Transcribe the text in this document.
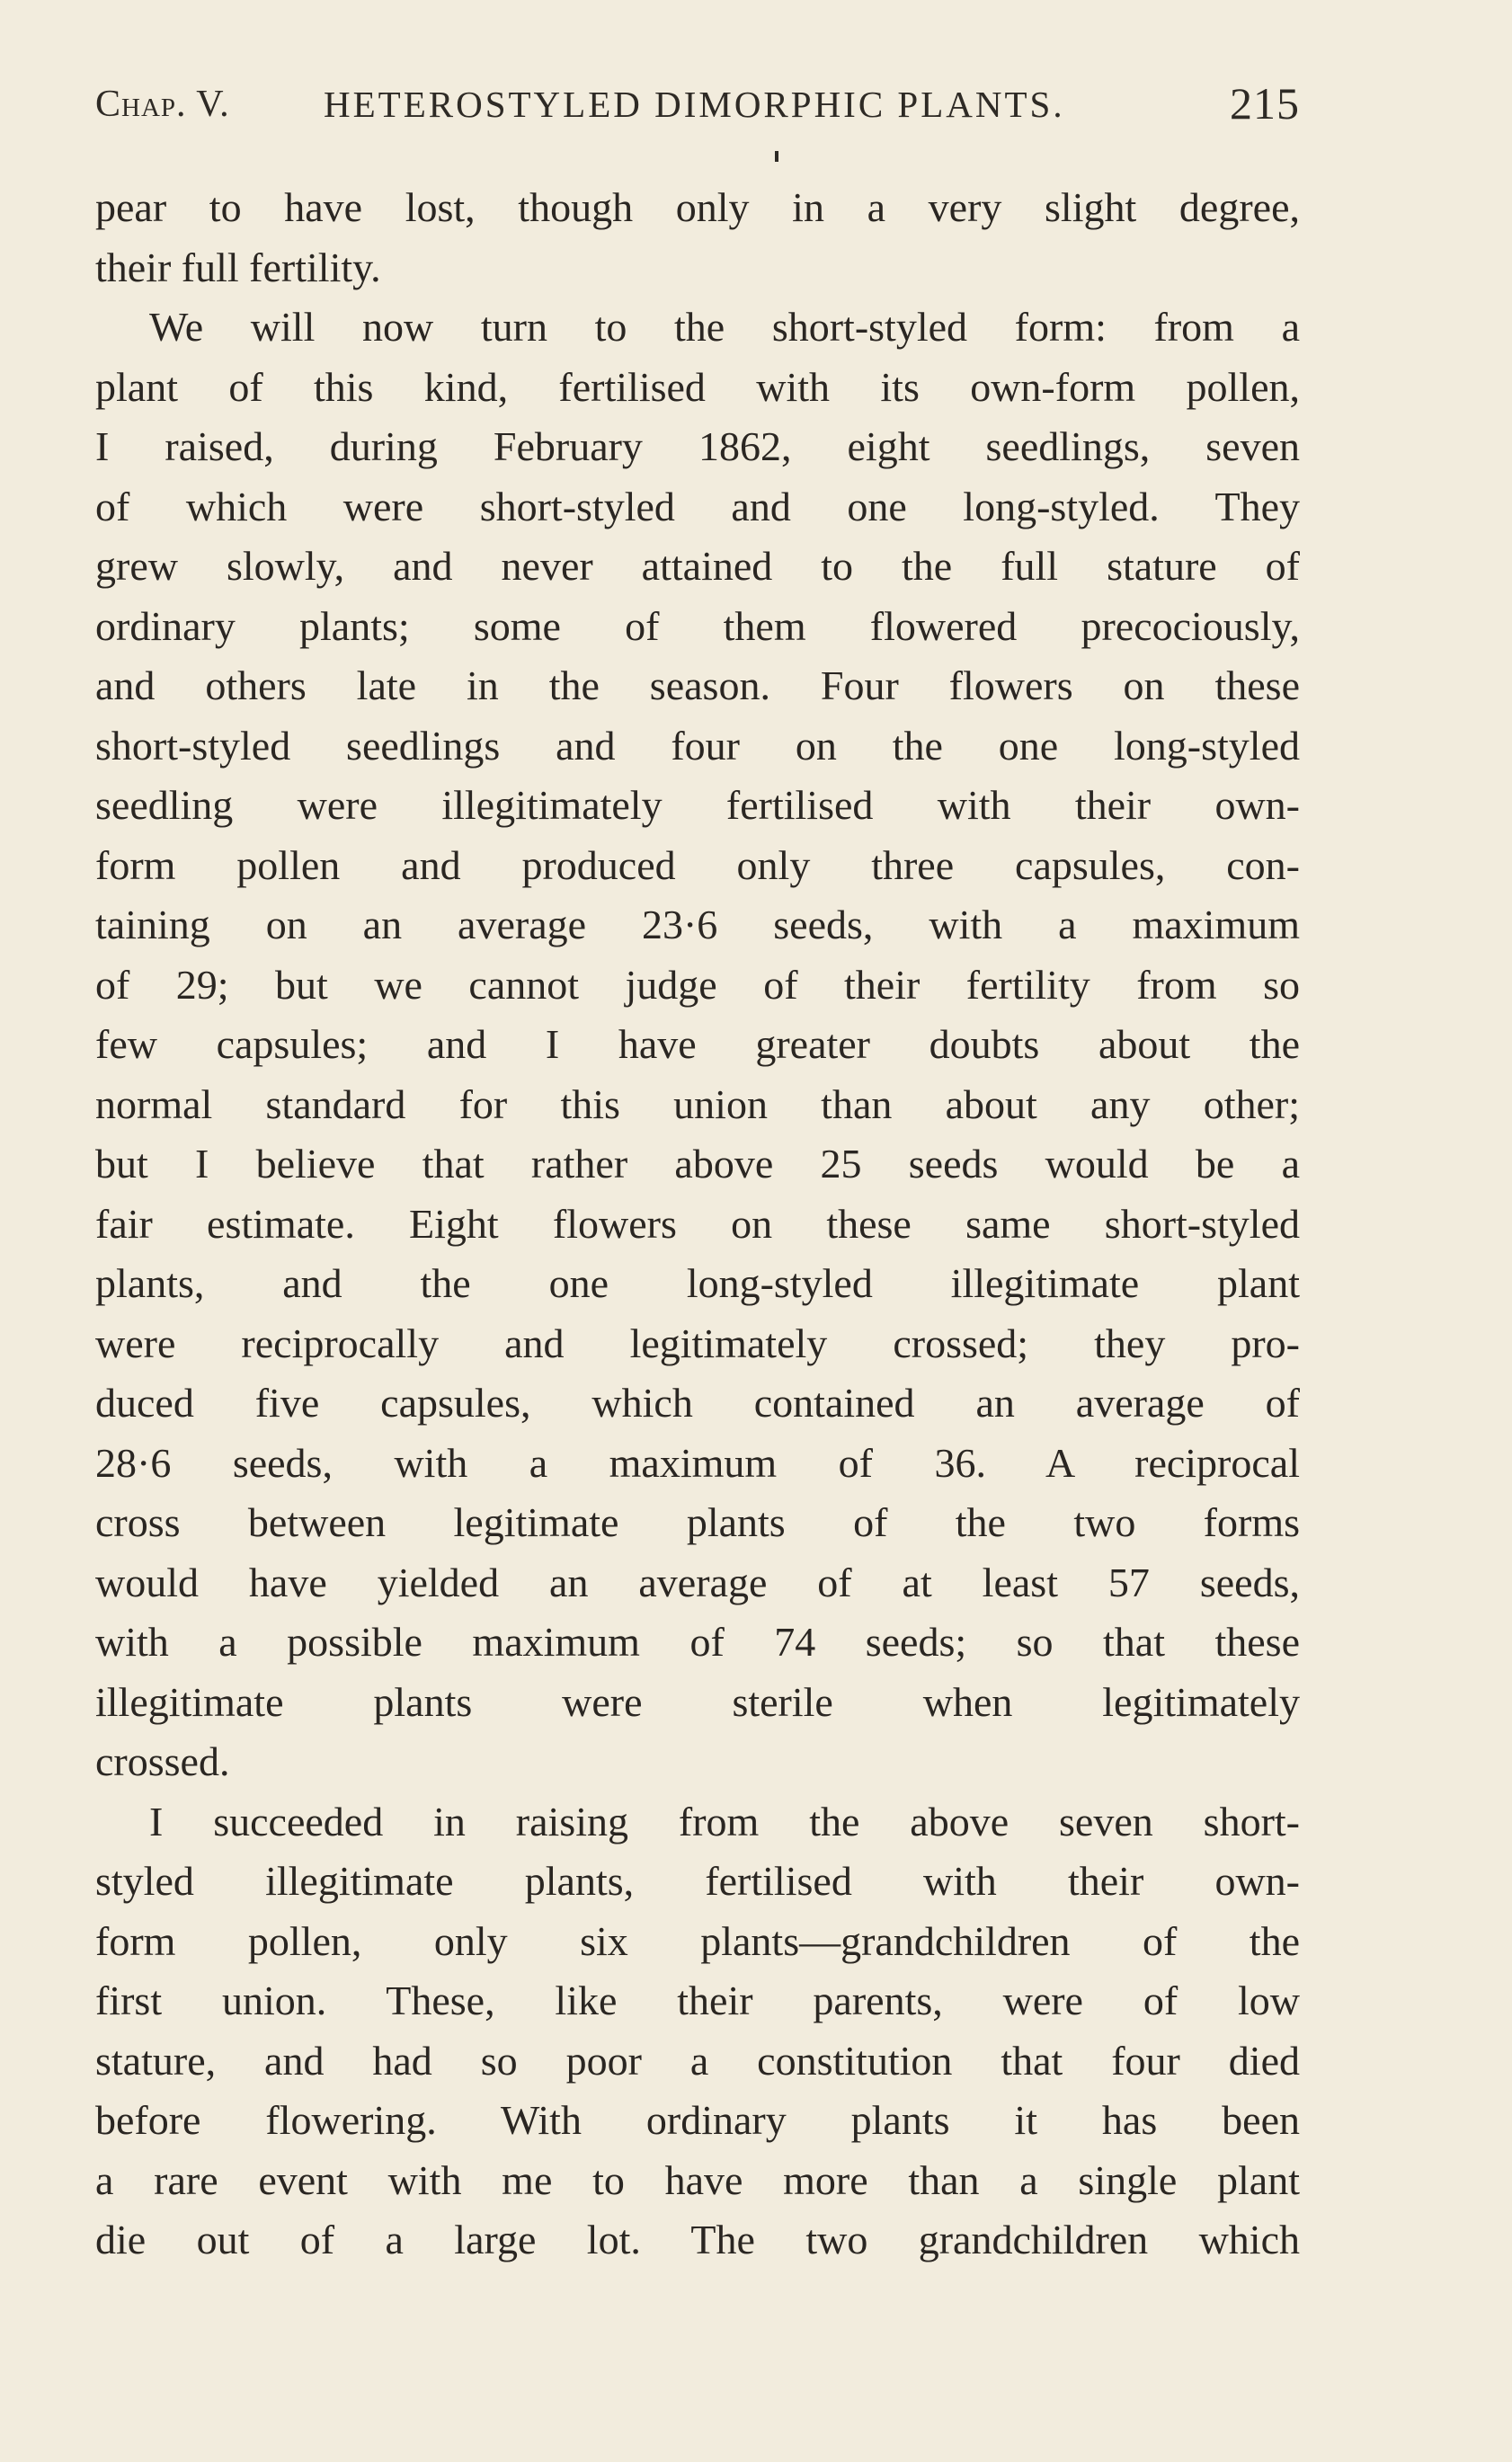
Chap. V.	HETEROSTYLED DIMORPHIC PLANTS.	215
pear to have lost, though only in a very slight degree,
their full fertility.
We will now turn to the short-styled form: from a
plant of this kind, fertilised with its own-form pollen,
I raised, during February 1862, eight seedlings, seven
of which were short-styled and one long-styled. They
grew slowly, and never attained to the full stature of
ordinary plants; some of them flowered precociously,
and others late in the season. Four flowers on these
short-styled seedlings and four on the one long-styled
seedling were illegitimately fertilised with their own-
form pollen and produced only three capsules, con-
taining on an average 23·6 seeds, with a maximum
of 29; but we cannot judge of their fertility from so
few capsules; and I have greater doubts about the
normal standard for this union than about any other;
but I believe that rather above 25 seeds would be a
fair estimate. Eight flowers on these same short-styled
plants, and the one long-styled illegitimate plant
were reciprocally and legitimately crossed; they pro-
duced five capsules, which contained an average of
28·6 seeds, with a maximum of 36. A reciprocal
cross between legitimate plants of the two forms
would have yielded an average of at least 57 seeds,
with a possible maximum of 74 seeds; so that these
illegitimate plants were sterile when legitimately
crossed.
I succeeded in raising from the above seven short-
styled illegitimate plants, fertilised with their own-
form pollen, only six plants—grandchildren of the
first union. These, like their parents, were of low
stature, and had so poor a constitution that four died
before flowering. With ordinary plants it has been
a rare event with me to have more than a single plant
die out of a large lot. The two grandchildren which
